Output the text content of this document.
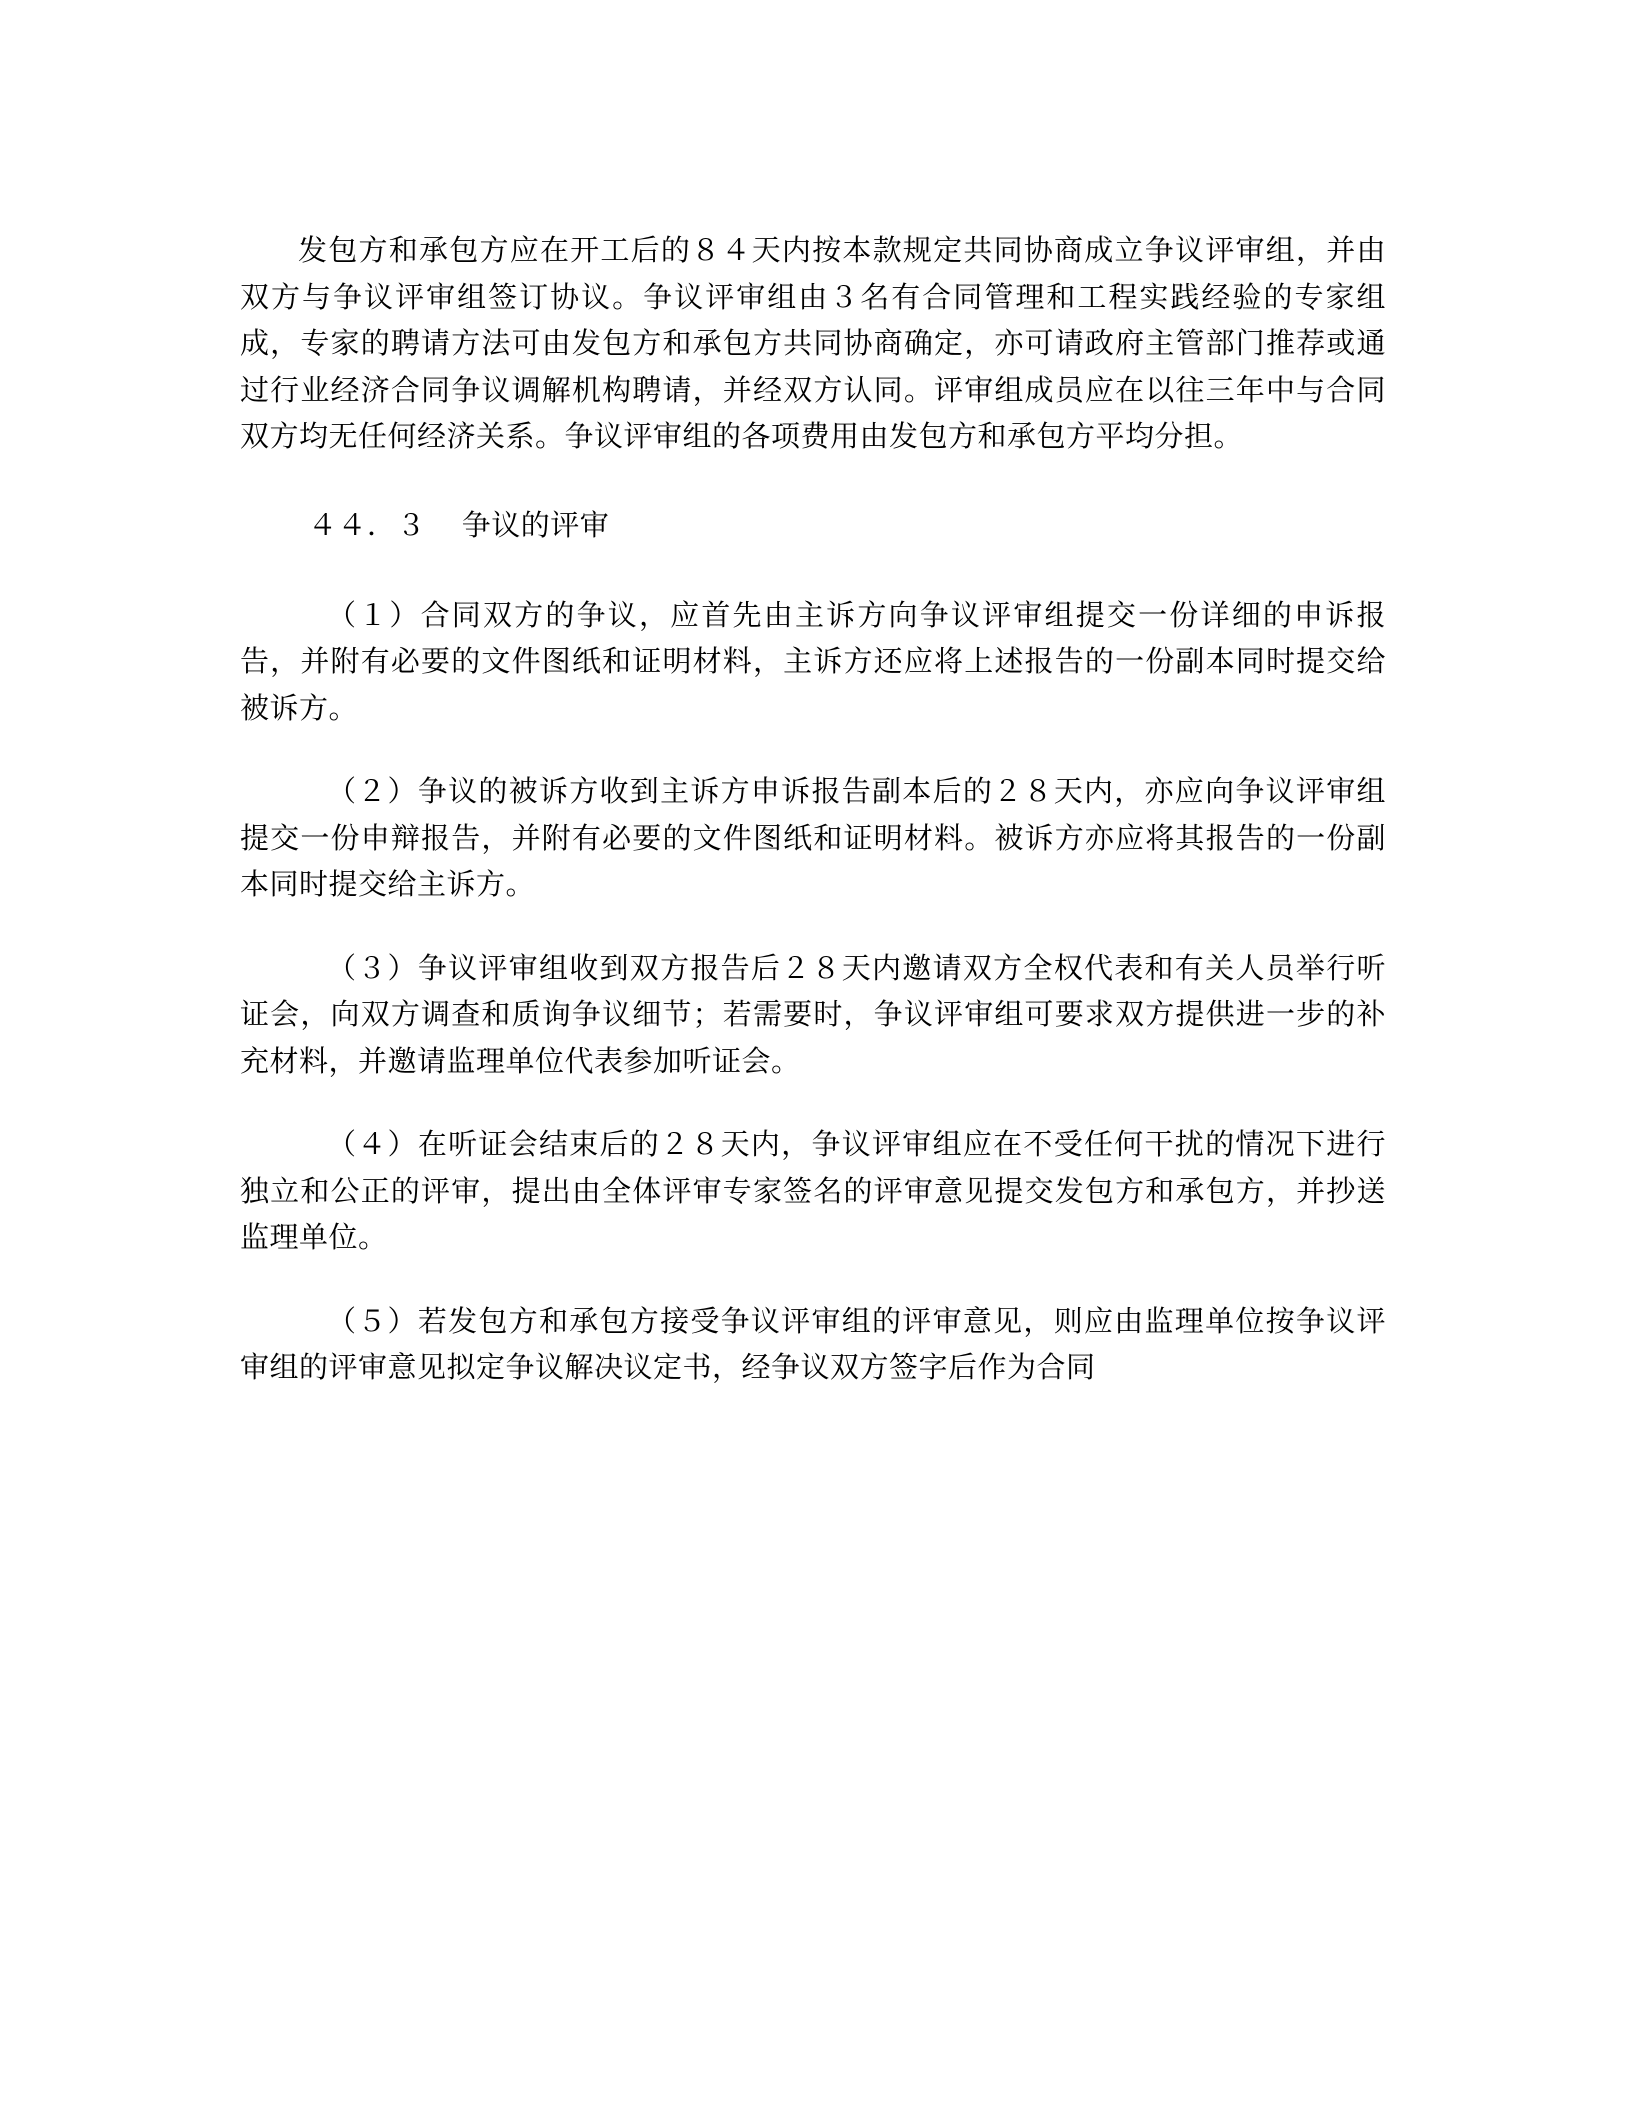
发包方和承包方应在开工后的８４天内按本款规定共同协商成立争议评审组，并由双方与争议评审组签订协议。争议评审组由３名有合同管理和工程实践经验的专家组成，专家的聘请方法可由发包方和承包方共同协商确定，亦可请政府主管部门推荐或通过行业经济合同争议调解机构聘请，并经双方认同。评审组成员应在以往三年中与合同双方均无任何经济关系。争议评审组的各项费用由发包方和承包方平均分担。

４４．３ 争议的评审

（１）合同双方的争议，应首先由主诉方向争议评审组提交一份详细的申诉报告，并附有必要的文件图纸和证明材料，主诉方还应将上述报告的一份副本同时提交给被诉方。

（２）争议的被诉方收到主诉方申诉报告副本后的２８天内，亦应向争议评审组提交一份申辩报告，并附有必要的文件图纸和证明材料。被诉方亦应将其报告的一份副本同时提交给主诉方。

（３）争议评审组收到双方报告后２８天内邀请双方全权代表和有关人员举行听证会，向双方调查和质询争议细节；若需要时，争议评审组可要求双方提供进一步的补充材料，并邀请监理单位代表参加听证会。

（４）在听证会结束后的２８天内，争议评审组应在不受任何干扰的情况下进行独立和公正的评审，提出由全体评审专家签名的评审意见提交发包方和承包方，并抄送监理单位。

（５）若发包方和承包方接受争议评审组的评审意见，则应由监理单位按争议评审组的评审意见拟定争议解决议定书，经争议双方签字后作为合同
